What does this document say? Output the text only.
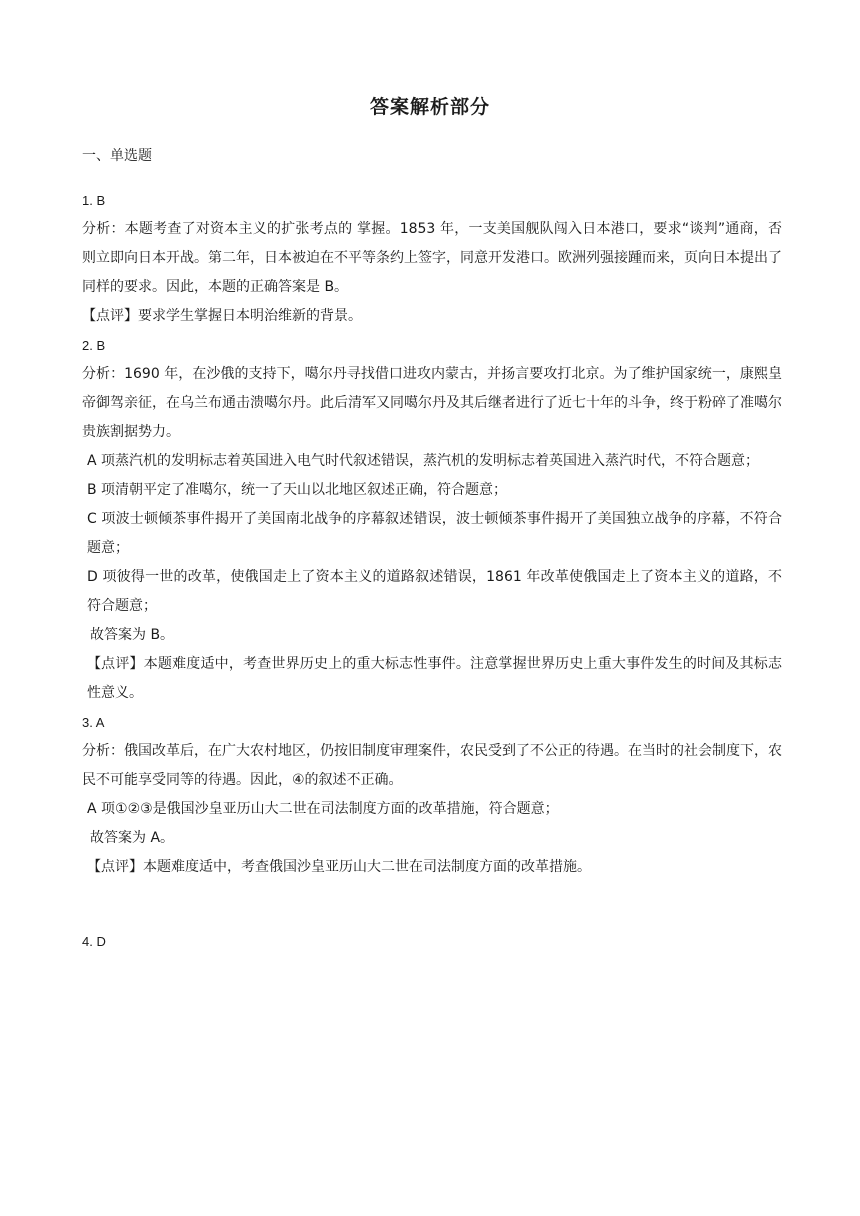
答案解析部分
一、单选题

1. B

分析：本题考查了对资本主义的扩张考点的 掌握。1853 年，一支美国舰队闯入日本港口，要求“谈判”通商，否则立即向日本开战。第二年，日本被迫在不平等条约上签字，同意开发港口。欧洲列强接踵而来，页向日本提出了同样的要求。因此，本题的正确答案是 B。

【点评】要求学生掌握日本明治维新的背景。

2. B

分析：1690 年，在沙俄的支持下，噶尔丹寻找借口进攻内蒙古，并扬言要攻打北京。为了维护国家统一，康熙皇帝御驾亲征，在乌兰布通击溃噶尔丹。此后清军又同噶尔丹及其后继者进行了近七十年的斗争，终于粉碎了准噶尔贵族割据势力。

A 项蒸汽机的发明标志着英国进入电气时代叙述错误，蒸汽机的发明标志着英国进入蒸汽时代，不符合题意；

B 项清朝平定了准噶尔，统一了天山以北地区叙述正确，符合题意；

C 项波士顿倾茶事件揭开了美国南北战争的序幕叙述错误，波士顿倾茶事件揭开了美国独立战争的序幕，不符合题意；

D 项彼得一世的改革，使俄国走上了资本主义的道路叙述错误，1861 年改革使俄国走上了资本主义的道路，不符合题意；

故答案为 B。

【点评】本题难度适中，考查世界历史上的重大标志性事件。注意掌握世界历史上重大事件发生的时间及其标志性意义。

3. A

分析：俄国改革后，在广大农村地区，仍按旧制度审理案件，农民受到了不公正的待遇。在当时的社会制度下，农民不可能享受同等的待遇。因此，④的叙述不正确。

A 项①②③是俄国沙皇亚历山大二世在司法制度方面的改革措施，符合题意；

故答案为 A。

【点评】本题难度适中，考查俄国沙皇亚历山大二世在司法制度方面的改革措施。

4. D
